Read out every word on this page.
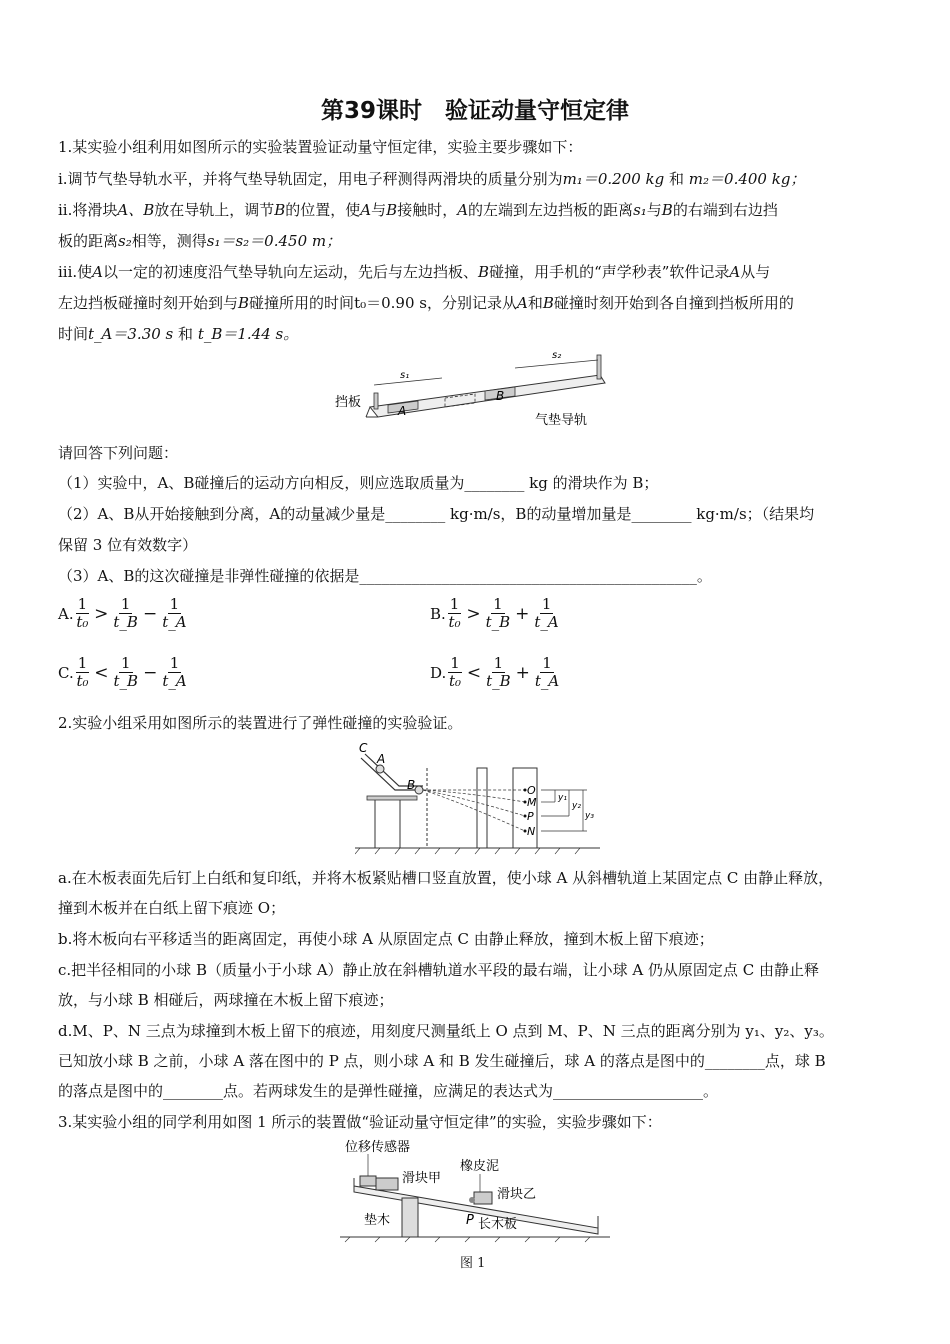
第39课时　验证动量守恒定律
1.某实验小组利用如图所示的实验装置验证动量守恒定律，实验主要步骤如下：
i.调节气垫导轨水平，并将气垫导轨固定，用电子秤测得两滑块的质量分别为m₁＝0.200 kg 和 m₂＝0.400 kg；
ii.将滑块A、B放在导轨上，调节B的位置，使A与B接触时，A的左端到左边挡板的距离s₁与B的右端到右边挡
板的距离s₂相等，测得s₁＝s₂＝0.450 m；
iii.使A以一定的初速度沿气垫导轨向左运动，先后与左边挡板、B碰撞，用手机的“声学秒表”软件记录A从与
左边挡板碰撞时刻开始到与B碰撞所用的时间t₀＝0.90 s，分别记录从A和B碰撞时刻开始到各自撞到挡板所用的
时间t_A＝3.30 s 和 t_B＝1.44 s。
s₁
s₂
挡板
A
B
气垫导轨
请回答下列问题：
（1）实验中，A、B碰撞后的运动方向相反，则应选取质量为________ kg 的滑块作为 B；
（2）A、B从开始接触到分离，A的动量减少量是________ kg·m/s，B的动量增加量是________ kg·m/s；（结果均
保留 3 位有效数字）
（3）A、B的这次碰撞是非弹性碰撞的依据是_____________________________________________。
A. $\frac{1}{\text{t₀}} > \frac{1}{t\_B} - \frac{1}{t\_A}$	B. $\frac{1}{\text{t₀}} > \frac{1}{t\_B} + \frac{1}{t\_A}$
C. $\frac{1}{\text{t₀}} < \frac{1}{t\_B} - \frac{1}{t\_A}$	D. $\frac{1}{\text{t₀}} < \frac{1}{t\_B} + \frac{1}{t\_A}$
2.实验小组采用如图所示的装置进行了弹性碰撞的实验验证。
C
A
B	O
M
P
N
y₁
y₂
y₃
a.在木板表面先后钉上白纸和复印纸，并将木板紧贴槽口竖直放置，使小球 A 从斜槽轨道上某固定点 C 由静止释放，
撞到木板并在白纸上留下痕迹 O；
b.将木板向右平移适当的距离固定，再使小球 A 从原固定点 C 由静止释放，撞到木板上留下痕迹；
c.把半径相同的小球 B（质量小于小球 A）静止放在斜槽轨道水平段的最右端，让小球 A 仍从原固定点 C 由静止释
放，与小球 B 相碰后，两球撞在木板上留下痕迹；
d.M、P、N 三点为球撞到木板上留下的痕迹，用刻度尺测量纸上 O 点到 M、P、N 三点的距离分别为 y₁、y₂、y₃。
已知放小球 B 之前，小球 A 落在图中的 P 点，则小球 A 和 B 发生碰撞后，球 A 的落点是图中的________点，球 B
的落点是图中的________点。若两球发生的是弹性碰撞，应满足的表达式为____________________。
3.某实验小组的同学利用如图 1 所示的装置做“验证动量守恒定律”的实验，实验步骤如下：
位移传感器
滑块甲
橡皮泥
滑块乙
垫木	P 长木板
图 1
